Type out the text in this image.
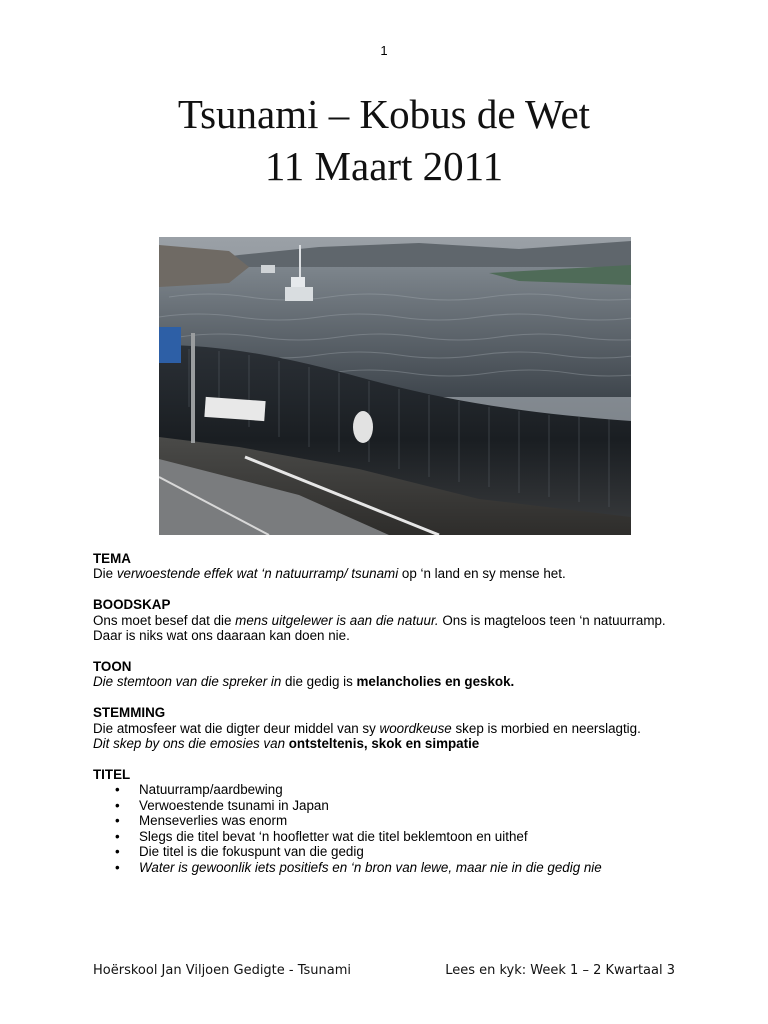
1
Tsunami – Kobus de Wet
11 Maart 2011
TEMA
Die verwoestende effek wat ‘n natuurramp/ tsunami op ‘n land en sy mense het.
BOODSKAP
Ons moet besef dat die mens uitgelewer is aan die natuur. Ons is magteloos teen ‘n natuurramp. Daar is niks wat ons daaraan kan doen nie.
TOON
Die stemtoon van die spreker in die gedig is melancholies en geskok.
STEMMING
Die atmosfeer wat die digter deur middel van sy woordkeuse skep is morbied en neerslagtig.
Dit skep by ons die emosies van ontsteltenis, skok en simpatie
TITEL
• Natuurramp/aardbewing
• Verwoestende tsunami in Japan
• Menseverlies was enorm
• Slegs die titel bevat ‘n hoofletter wat die titel beklemtoon en uithef
• Die titel is die fokuspunt van die gedig
• Water is gewoonlik iets positiefs en ‘n bron van lewe, maar nie in die gedig nie
Hoërskool Jan Viljoen Gedigte - Tsunami	Lees en kyk: Week 1 – 2 Kwartaal 3
